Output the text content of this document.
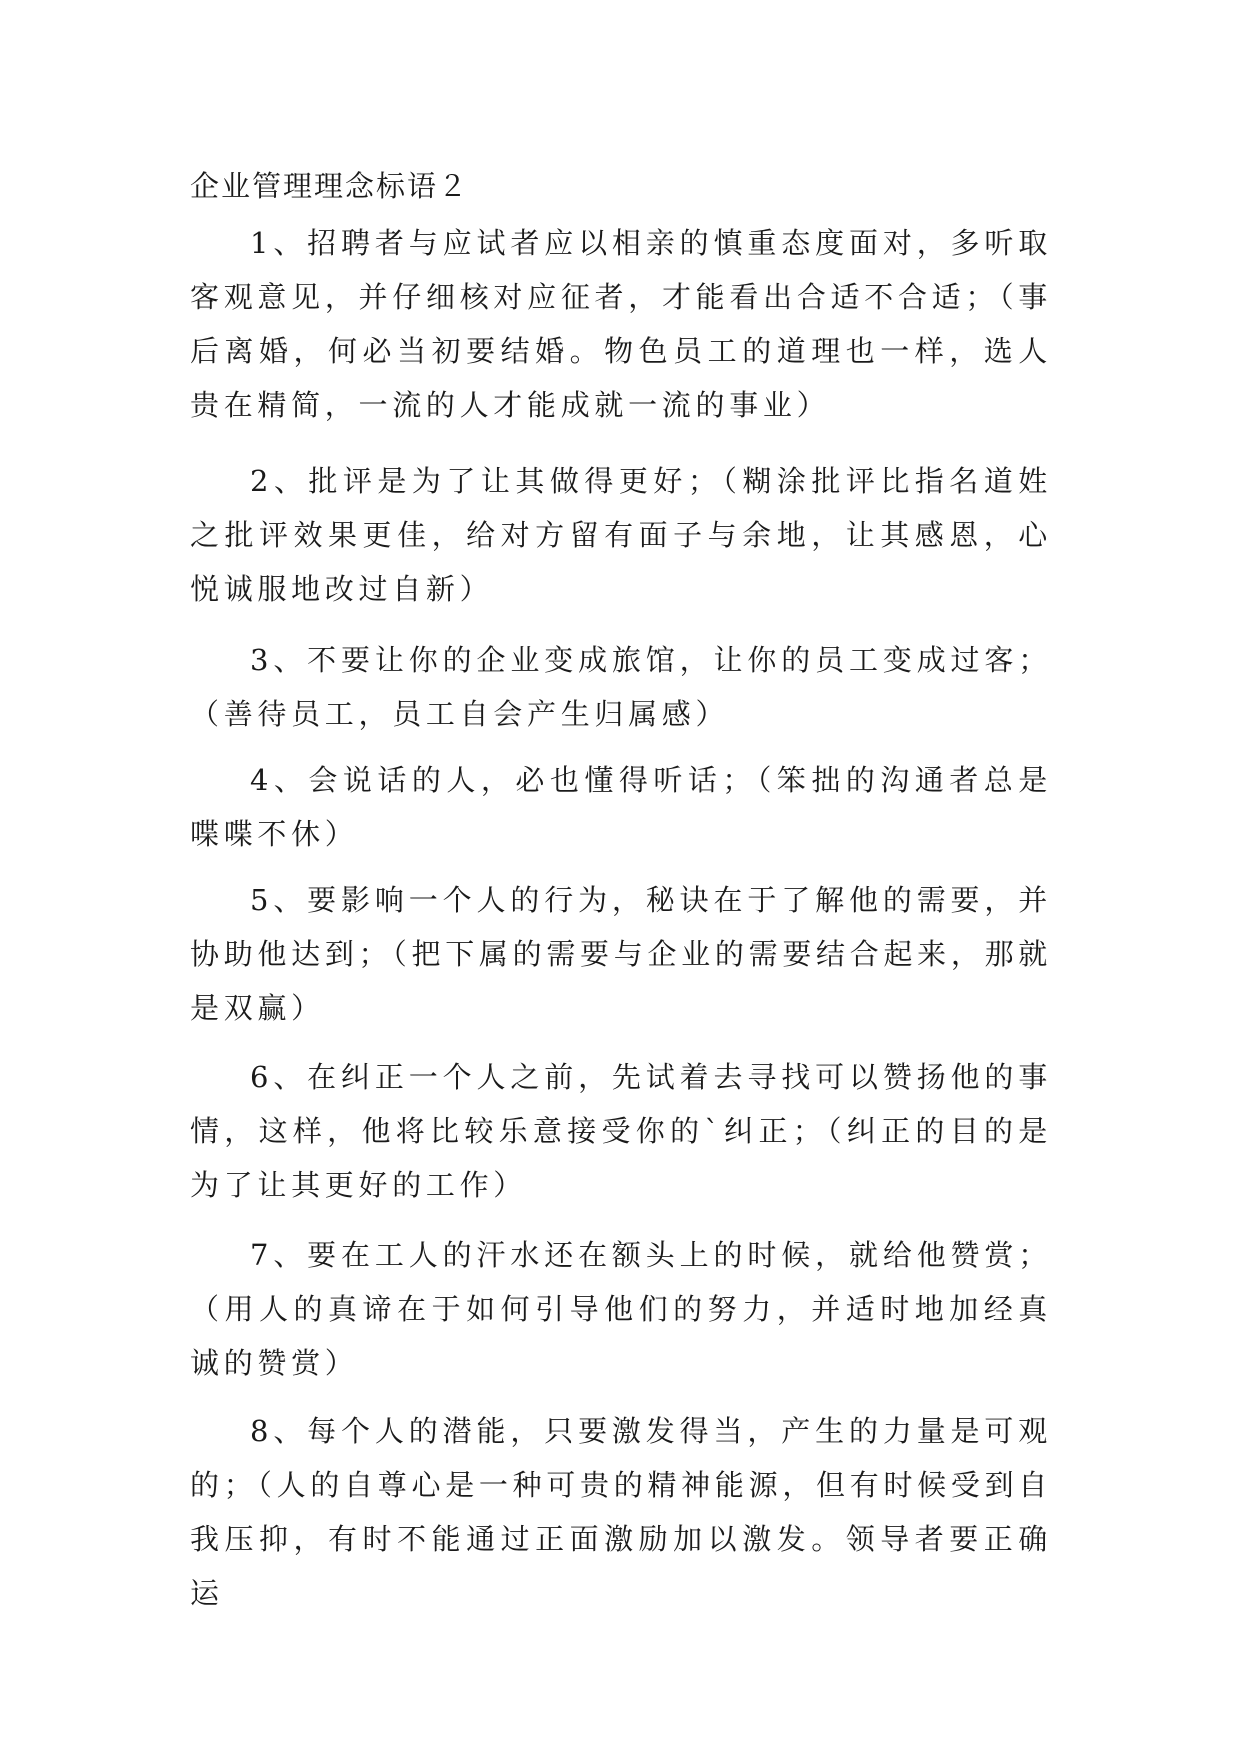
企业管理理念标语２

1、招聘者与应试者应以相亲的慎重态度面对，多听取客观意见，并仔细核对应征者，才能看出合适不合适；（事后离婚，何必当初要结婚。物色员工的道理也一样，选人贵在精简，一流的人才能成就一流的事业）

2、批评是为了让其做得更好；（糊涂批评比指名道姓之批评效果更佳，给对方留有面子与余地，让其感恩，心悦诚服地改过自新）

3、不要让你的企业变成旅馆，让你的员工变成过客；（善待员工，员工自会产生归属感）

4、会说话的人，必也懂得听话；（笨拙的沟通者总是喋喋不休）

5、要影响一个人的行为，秘诀在于了解他的需要，并协助他达到；（把下属的需要与企业的需要结合起来，那就是双赢）

6、在纠正一个人之前，先试着去寻找可以赞扬他的事情，这样，他将比较乐意接受你的`纠正；（纠正的目的是为了让其更好的工作）

7、要在工人的汗水还在额头上的时候，就给他赞赏；（用人的真谛在于如何引导他们的努力，并适时地加经真诚的赞赏）

8、每个人的潜能，只要激发得当，产生的力量是可观的；（人的自尊心是一种可贵的精神能源，但有时候受到自我压抑，有时不能通过正面激励加以激发。领导者要正确运
